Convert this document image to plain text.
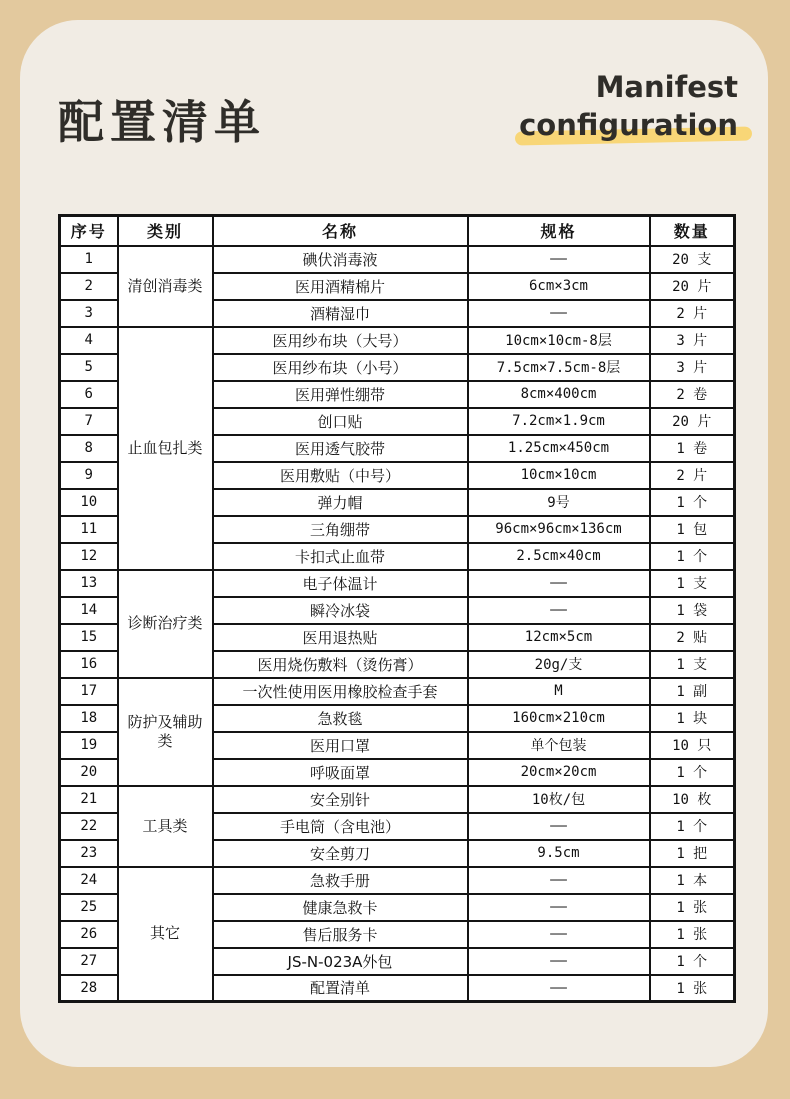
配置清单
Manifest
configuration
序号	类别	名称	规格	数量
1	清创消毒类	碘伏消毒液	——	20 支
2		医用酒精棉片	6cm×3cm	20 片
3		酒精湿巾	——	2 片
4	止血包扎类	医用纱布块（大号）	10cm×10cm-8层	3 片
5		医用纱布块（小号）	7.5cm×7.5cm-8层	3 片
6		医用弹性绷带	8cm×400cm	2 卷
7		创口贴	7.2cm×1.9cm	20 片
8		医用透气胶带	1.25cm×450cm	1 卷
9		医用敷贴（中号）	10cm×10cm	2 片
10		弹力帽	9号	1 个
11		三角绷带	96cm×96cm×136cm	1 包
12		卡扣式止血带	2.5cm×40cm	1 个
13	诊断治疗类	电子体温计	——	1 支
14		瞬冷冰袋	——	1 袋
15		医用退热贴	12cm×5cm	2 贴
16		医用烧伤敷料（烫伤膏）	20g/支	1 支
17	防护及辅助类	一次性使用医用橡胶检查手套	M	1 副
18		急救毯	160cm×210cm	1 块
19		医用口罩	单个包装	10 只
20		呼吸面罩	20cm×20cm	1 个
21	工具类	安全别针	10枚/包	10 枚
22		手电筒（含电池）	——	1 个
23		安全剪刀	9.5cm	1 把
24	其它	急救手册	——	1 本
25		健康急救卡	——	1 张
26		售后服务卡	——	1 张
27		JS-N-023A外包	——	1 个
28		配置清单	——	1 张
